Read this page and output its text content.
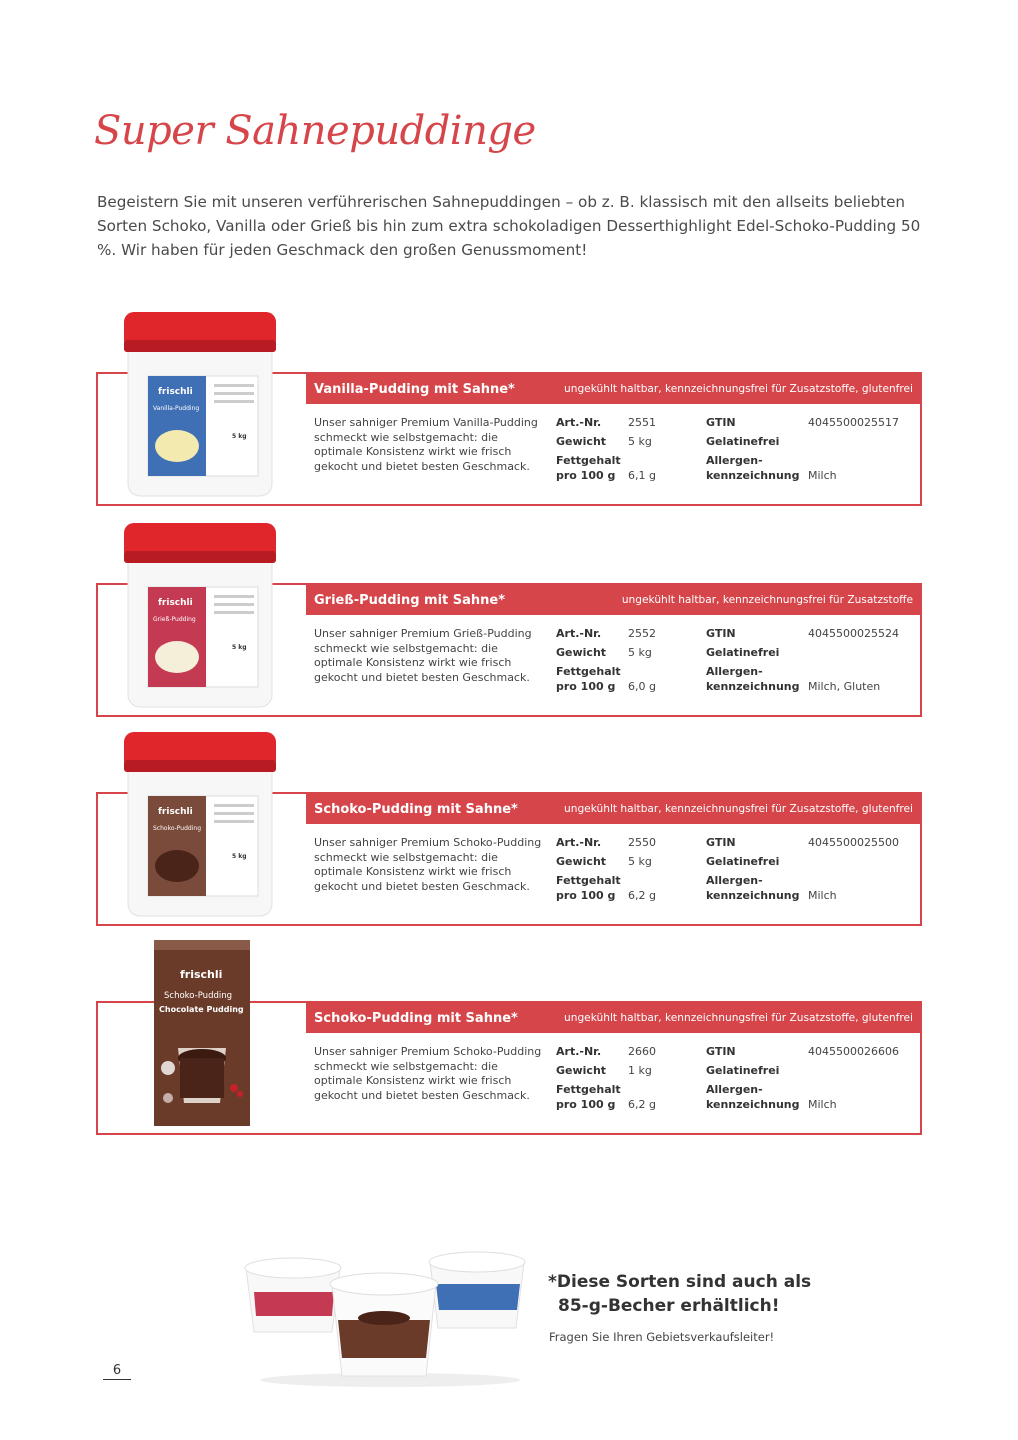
Super Sahnepuddinge

Begeistern Sie mit unseren verführerischen Sahnepuddingen – ob z. B. klassisch mit den allseits beliebten Sorten Schoko, Vanilla oder Grieß bis hin zum extra schokoladigen Desserthighlight Edel-Schoko-Pudding 50 %. Wir haben für jeden Geschmack den großen Genussmoment!

Vanilla-Pudding mit Sahne*	ungekühlt haltbar, kennzeichnungsfrei für Zusatzstoffe, glutenfrei

Unser sahniger Premium Vanilla-Pudding schmeckt wie selbstgemacht: die optimale Konsistenz wirkt wie frisch gekocht und bietet besten Geschmack.

Art.-Nr. 2551
Gewicht 5 kg
Fettgehalt
pro 100 g 6,1 g
GTIN	4045500025517
Gelatinefrei
Allergen-
kennzeichnung Milch
Grieß-Pudding mit Sahne*	ungekühlt haltbar, kennzeichnungsfrei für Zusatzstoffe

Unser sahniger Premium Grieß-Pudding schmeckt wie selbstgemacht: die optimale Konsistenz wirkt wie frisch gekocht und bietet besten Geschmack.

Art.-Nr. 2552
Gewicht 5 kg
Fettgehalt
pro 100 g 6,0 g
GTIN	4045500025524
Gelatinefrei
Allergen-
kennzeichnung Milch, Gluten
Schoko-Pudding mit Sahne*	ungekühlt haltbar, kennzeichnungsfrei für Zusatzstoffe, glutenfrei

Unser sahniger Premium Schoko-Pudding schmeckt wie selbstgemacht: die optimale Konsistenz wirkt wie frisch gekocht und bietet besten Geschmack.

Art.-Nr. 2550
Gewicht 5 kg
Fettgehalt
pro 100 g 6,2 g
GTIN	4045500025500
Gelatinefrei
Allergen-
kennzeichnung Milch
Schoko-Pudding mit Sahne*	ungekühlt haltbar, kennzeichnungsfrei für Zusatzstoffe, glutenfrei

Unser sahniger Premium Schoko-Pudding schmeckt wie selbstgemacht: die optimale Konsistenz wirkt wie frisch gekocht und bietet besten Geschmack.

Art.-Nr. 2660
Gewicht 1 kg
Fettgehalt
pro 100 g 6,2 g
GTIN	4045500026606
Gelatinefrei
Allergen-
kennzeichnung Milch
frischli
Vanilla-Pudding
5 kg
frischli
Grieß-Pudding
5 kg
frischli
Schoko-Pudding
5 kg
frischli
Schoko-Pudding
Chocolate Pudding
*Diese Sorten sind auch als
85-g-Becher erhältlich!
Fragen Sie Ihren Gebietsverkaufsleiter!
6
